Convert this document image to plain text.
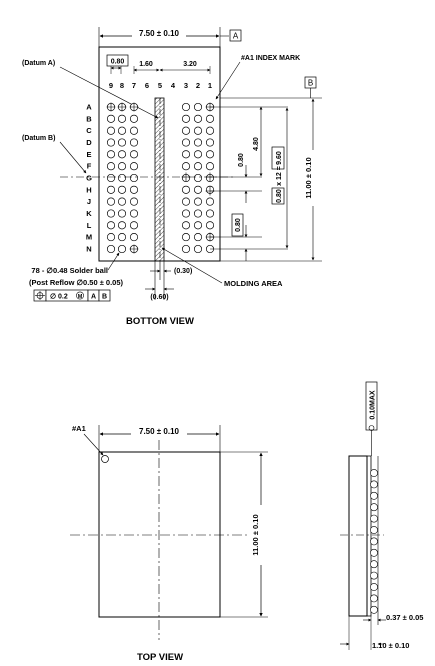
7.50 ± 0.10	A
0.80 1.60	3.20
#A1 INDEX MARK
B
(Datum A)
(Datum B)
9 8 7 6 5 4 3 2 1
A
B
C
D
E
F
G
H
J
K
L
M
N
0.80
4.80
9.60
0.80
x 12 =	11.00 ± 0.10
0.80
78 - ∅0.48 Solder ball
(Post Reflow ∅0.50 ± 0.05)
∅ 0.2 M A B
(0.30)
(0.60)
MOLDING AREA
BOTTOM VIEW
#A1	7.50 ± 0.10
11.00 ± 0.10
TOP VIEW
0.10MAX
0.37 ± 0.05
1.10 ± 0.10
